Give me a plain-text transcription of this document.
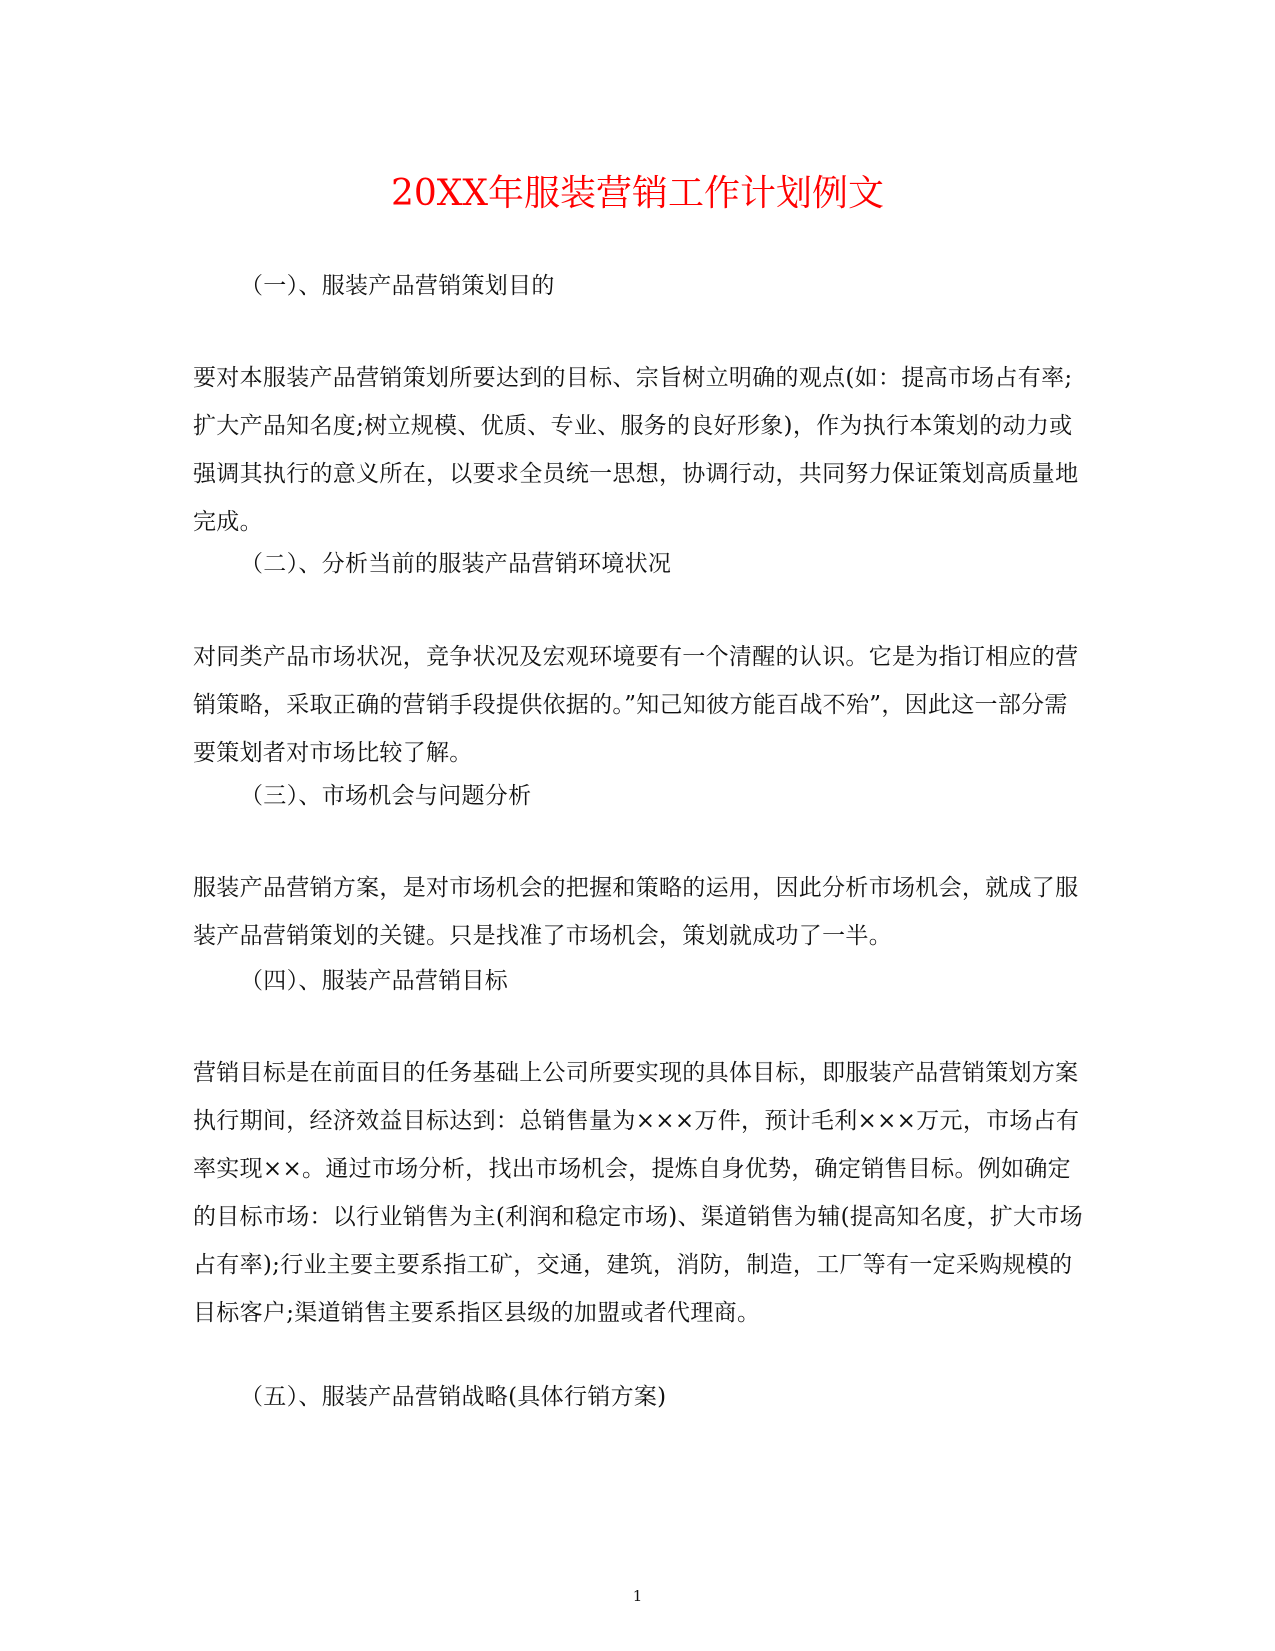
20XX年服装营销工作计划例文

（一）、服装产品营销策划目的

要对本服装产品营销策划所要达到的目标、宗旨树立明确的观点(如：提高市场占有率;扩大产品知名度;树立规模、优质、专业、服务的良好形象)，作为执行本策划的动力或强调其执行的意义所在，以要求全员统一思想，协调行动，共同努力保证策划高质量地完成。

（二）、分析当前的服装产品营销环境状况

对同类产品市场状况，竞争状况及宏观环境要有一个清醒的认识。它是为指订相应的营销策略，采取正确的营销手段提供依据的。”知己知彼方能百战不殆”，因此这一部分需要策划者对市场比较了解。

（三）、市场机会与问题分析

服装产品营销方案，是对市场机会的把握和策略的运用，因此分析市场机会，就成了服装产品营销策划的关键。只是找准了市场机会，策划就成功了一半。

（四）、服装产品营销目标

营销目标是在前面目的任务基础上公司所要实现的具体目标，即服装产品营销策划方案执行期间，经济效益目标达到：总销售量为×××万件，预计毛利×××万元，市场占有率实现××。通过市场分析，找出市场机会，提炼自身优势，确定销售目标。例如确定的目标市场：以行业销售为主(利润和稳定市场)、渠道销售为辅(提高知名度，扩大市场占有率);行业主要主要系指工矿，交通，建筑，消防，制造，工厂等有一定采购规模的目标客户;渠道销售主要系指区县级的加盟或者代理商。

（五）、服装产品营销战略(具体行销方案)

1
